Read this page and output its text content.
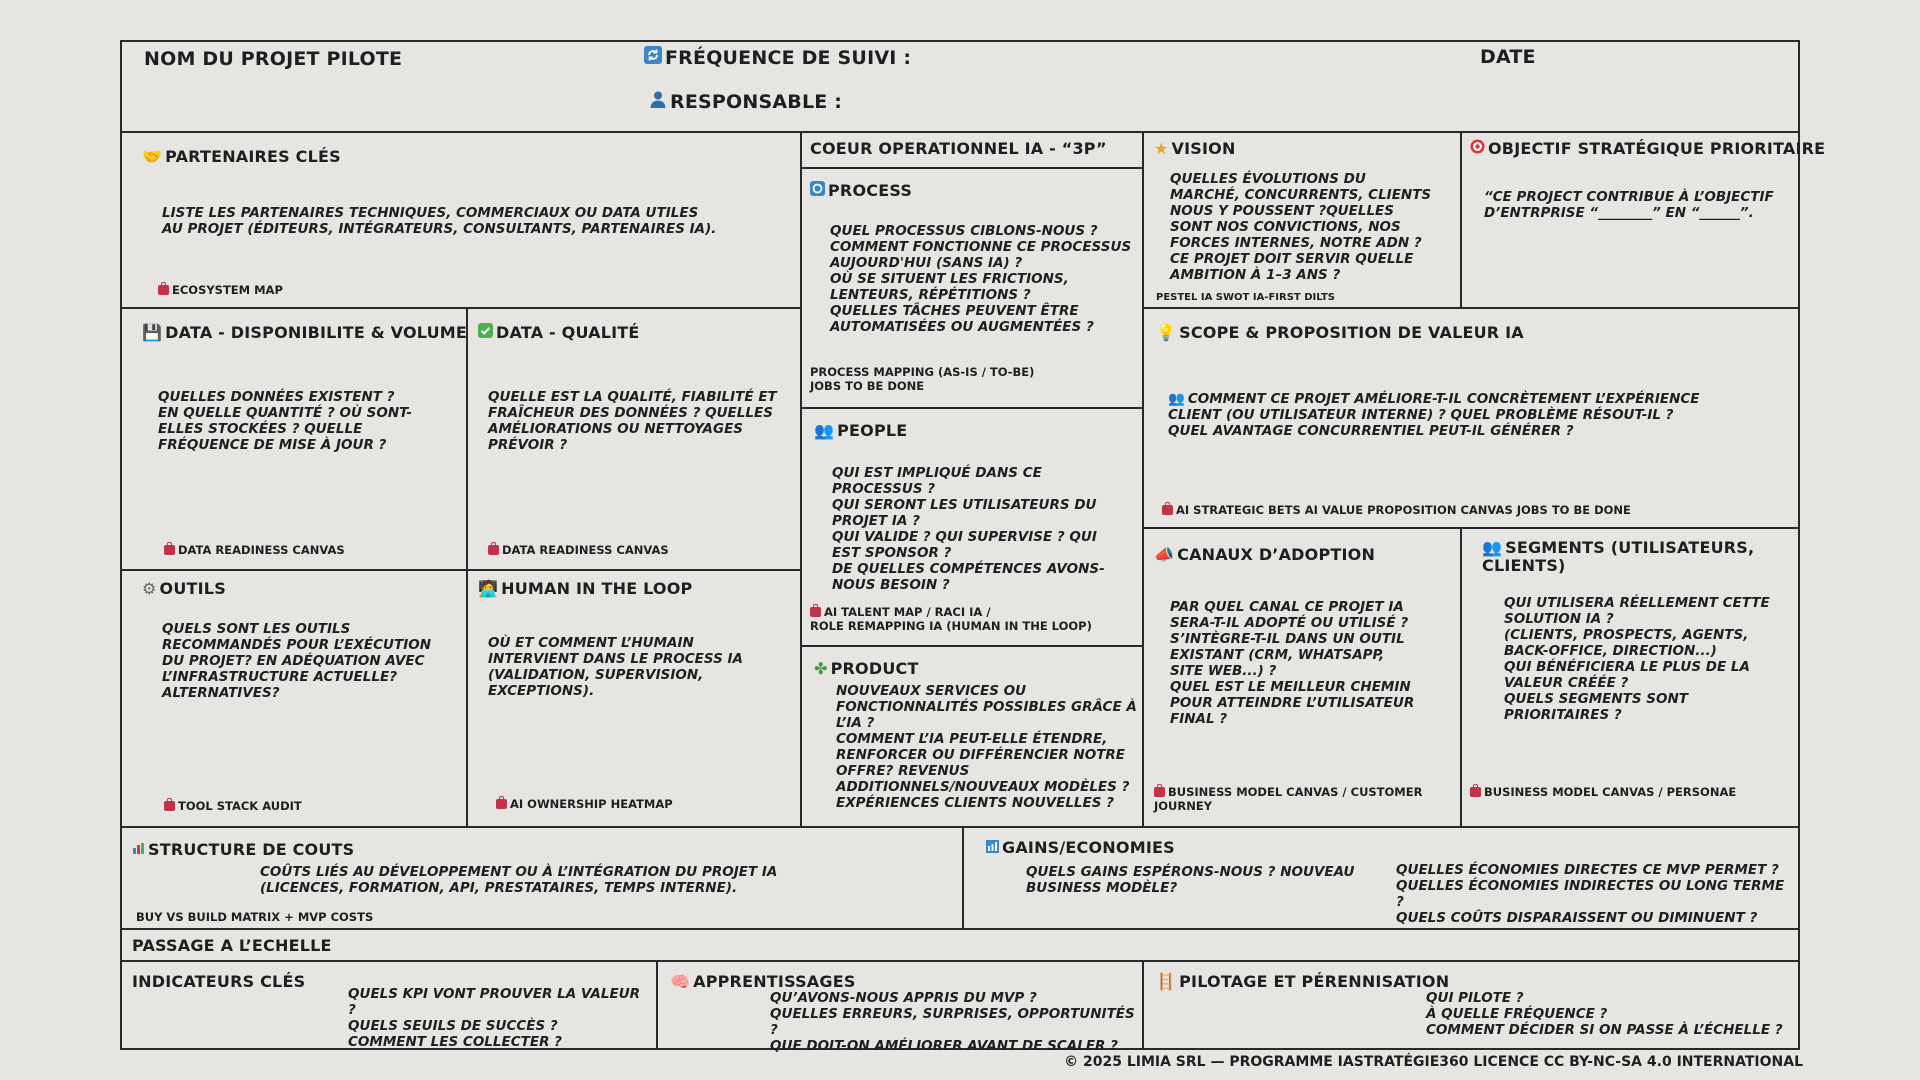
NOM DU PROJET PILOTE	FRÉQUENCE DE SUIVI :
RESPONSABLE :
DATE
🤝 PARTENAIRES CLÉS
LISTE LES PARTENAIRES TECHNIQUES, COMMERCIAUX OU DATA UTILES AU PROJET (ÉDITEURS, INTÉGRATEURS, CONSULTANTS, PARTENAIRES IA).
ECOSYSTEM MAP
COEUR OPERATIONNEL IA - “3P”
PROCESS
QUEL PROCESSUS CIBLONS-NOUS ?
COMMENT FONCTIONNE CE PROCESSUS AUJOURD'HUI (SANS IA) ?
OÙ SE SITUENT LES FRICTIONS, LENTEURS, RÉPÉTITIONS ?
QUELLES TÂCHES PEUVENT ÊTRE AUTOMATISÉES OU AUGMENTÉES ?
PROCESS MAPPING (AS-IS / TO-BE)
JOBS TO BE DONE
👥 PEOPLE
QUI EST IMPLIQUÉ DANS CE PROCESSUS ?
QUI SERONT LES UTILISATEURS DU PROJET IA ?
QUI VALIDE ? QUI SUPERVISE ? QUI EST SPONSOR ?
DE QUELLES COMPÉTENCES AVONS-NOUS BESOIN ?
AI TALENT MAP / RACI IA /
ROLE REMAPPING IA (HUMAN IN THE LOOP)
✤ PRODUCT
NOUVEAUX SERVICES OU FONCTIONNALITÉS POSSIBLES GRÂCE À L’IA ?
COMMENT L’IA PEUT-ELLE ÉTENDRE, RENFORCER OU DIFFÉRENCIER NOTRE OFFRE? REVENUS ADDITIONNELS/NOUVEAUX MODÈLES ?
EXPÉRIENCES CLIENTS NOUVELLES ?
★ VISION
QUELLES ÉVOLUTIONS DU MARCHÉ, CONCURRENTS, CLIENTS NOUS Y POUSSENT ?QUELLES SONT NOS CONVICTIONS, NOS FORCES INTERNES, NOTRE ADN ?
CE PROJET DOIT SERVIR QUELLE AMBITION À 1–3 ANS ?
PESTEL IA SWOT IA-FIRST DILTS
OBJECTIF STRATÉGIQUE PRIORITAIRE
“CE PROJECT CONTRIBUE À L’OBJECTIF D’ENTRPRISE “________” EN “______”.
💾 DATA - DISPONIBILITE & VOLUME
QUELLES DONNÉES EXISTENT ? EN QUELLE QUANTITÉ ? OÙ SONT-ELLES STOCKÉES ? QUELLE FRÉQUENCE DE MISE À JOUR ?
DATA READINESS CANVAS
DATA - QUALITÉ
QUELLE EST LA QUALITÉ, FIABILITÉ ET FRAÎCHEUR DES DONNÉES ? QUELLES AMÉLIORATIONS OU NETTOYAGES PRÉVOIR ?
DATA READINESS CANVAS
💡 SCOPE & PROPOSITION DE VALEUR IA
👥 COMMENT CE PROJET AMÉLIORE-T-IL CONCRÈTEMENT L’EXPÉRIENCE CLIENT (OU UTILISATEUR INTERNE) ? QUEL PROBLÈME RÉSOUT-IL ?
QUEL AVANTAGE CONCURRENTIEL PEUT-IL GÉNÉRER ?
AI STRATEGIC BETS AI VALUE PROPOSITION CANVAS JOBS TO BE DONE
⚙ OUTILS
QUELS SONT LES OUTILS RECOMMANDÉS POUR L’EXÉCUTION DU PROJET? EN ADÉQUATION AVEC L’INFRASTRUCTURE ACTUELLE? ALTERNATIVES?
TOOL STACK AUDIT
🧑‍💻 HUMAN IN THE LOOP
OÙ ET COMMENT L’HUMAIN INTERVIENT DANS LE PROCESS IA (VALIDATION, SUPERVISION, EXCEPTIONS).
AI OWNERSHIP HEATMAP
📣 CANAUX D’ADOPTION
PAR QUEL CANAL CE PROJET IA SERA-T-IL ADOPTÉ OU UTILISÉ ? S’INTÈGRE-T-IL DANS UN OUTIL EXISTANT (CRM, WHATSAPP, SITE WEB...) ?
QUEL EST LE MEILLEUR CHEMIN POUR ATTEINDRE L’UTILISATEUR FINAL ?
BUSINESS MODEL CANVAS / CUSTOMER JOURNEY
👥 SEGMENTS (UTILISATEURS, CLIENTS)
QUI UTILISERA RÉELLEMENT CETTE SOLUTION IA ?
(CLIENTS, PROSPECTS, AGENTS, BACK-OFFICE, DIRECTION...)
QUI BÉNÉFICIERA LE PLUS DE LA VALEUR CRÉÉE ?
QUELS SEGMENTS SONT PRIORITAIRES ?
BUSINESS MODEL CANVAS / PERSONAE
STRUCTURE DE COUTS
COÛTS LIÉS AU DÉVELOPPEMENT OU À L’INTÉGRATION DU PROJET IA (LICENCES, FORMATION, API, PRESTATAIRES, TEMPS INTERNE).
BUY VS BUILD MATRIX + MVP COSTS
GAINS/ECONOMIES
QUELS GAINS ESPÉRONS-NOUS ? NOUVEAU BUSINESS MODÈLE?
QUELLES ÉCONOMIES DIRECTES CE MVP PERMET ?
QUELLES ÉCONOMIES INDIRECTES OU LONG TERME ?
QUELS COÛTS DISPARAISSENT OU DIMINUENT ?
PASSAGE A L’ECHELLE
INDICATEURS CLÉS
QUELS KPI VONT PROUVER LA VALEUR ?
QUELS SEUILS DE SUCCÈS ?
COMMENT LES COLLECTER ?
🧠 APPRENTISSAGES
QU’AVONS-NOUS APPRIS DU MVP ?
QUELLES ERREURS, SURPRISES, OPPORTUNITÉS ?
QUE DOIT-ON AMÉLIORER AVANT DE SCALER ?
🪜 PILOTAGE ET PÉRENNISATION
QUI PILOTE ?
À QUELLE FRÉQUENCE ?
COMMENT DÉCIDER SI ON PASSE À L’ÉCHELLE ?
© 2025 LIMIA SRL — PROGRAMME IASTRATÉGIE360 LICENCE CC BY-NC-SA 4.0 INTERNATIONAL
